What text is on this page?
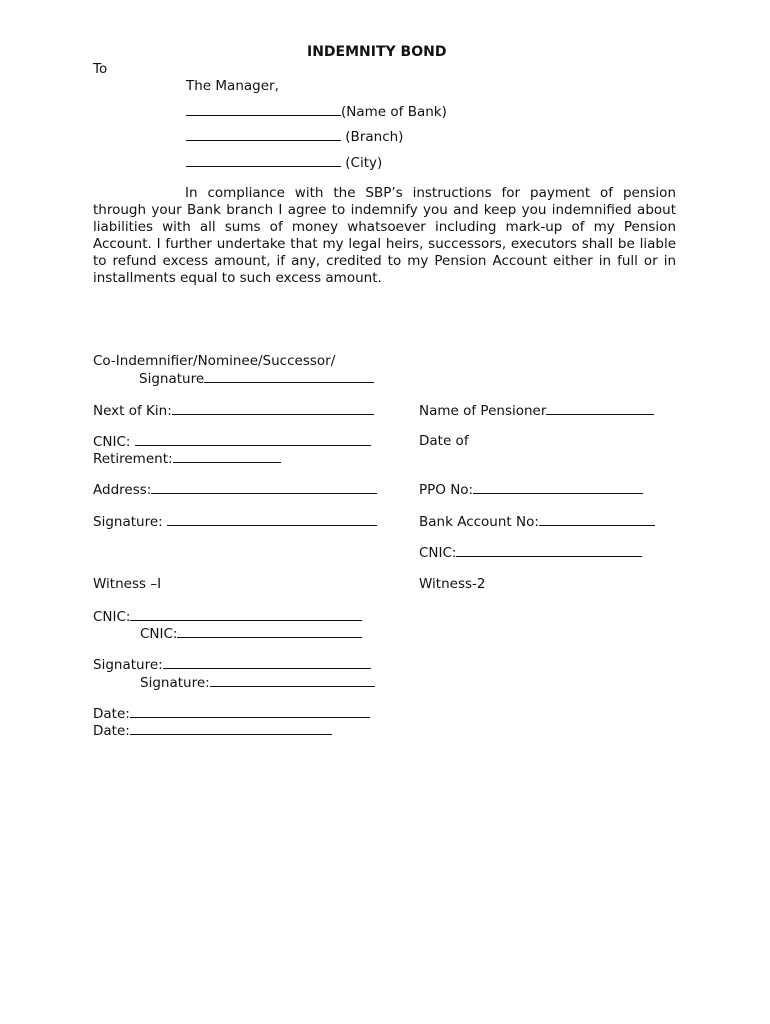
INDEMNITY BOND
To
The Manager,
(Name of Bank)
(Branch)
(City)
In compliance with the SBP’s instructions for payment of pension through your Bank branch I agree to indemnify you and keep you indemnified about liabilities with all sums of money whatsoever including mark-up of my Pension Account. I further undertake that my legal heirs, successors, executors shall be liable to refund excess amount, if any, credited to my Pension Account either in full or in installments equal to such excess amount.
Co-Indemnifier/Nominee/Successor/
Signature
Next of Kin:
CNIC:
Retirement:
Address:
Signature:
Witness –I
CNIC:
CNIC:
Signature:
Signature:
Date:
Date:
Name of Pensioner
Date of
PPO No:
Bank Account No:
CNIC:
Witness-2
